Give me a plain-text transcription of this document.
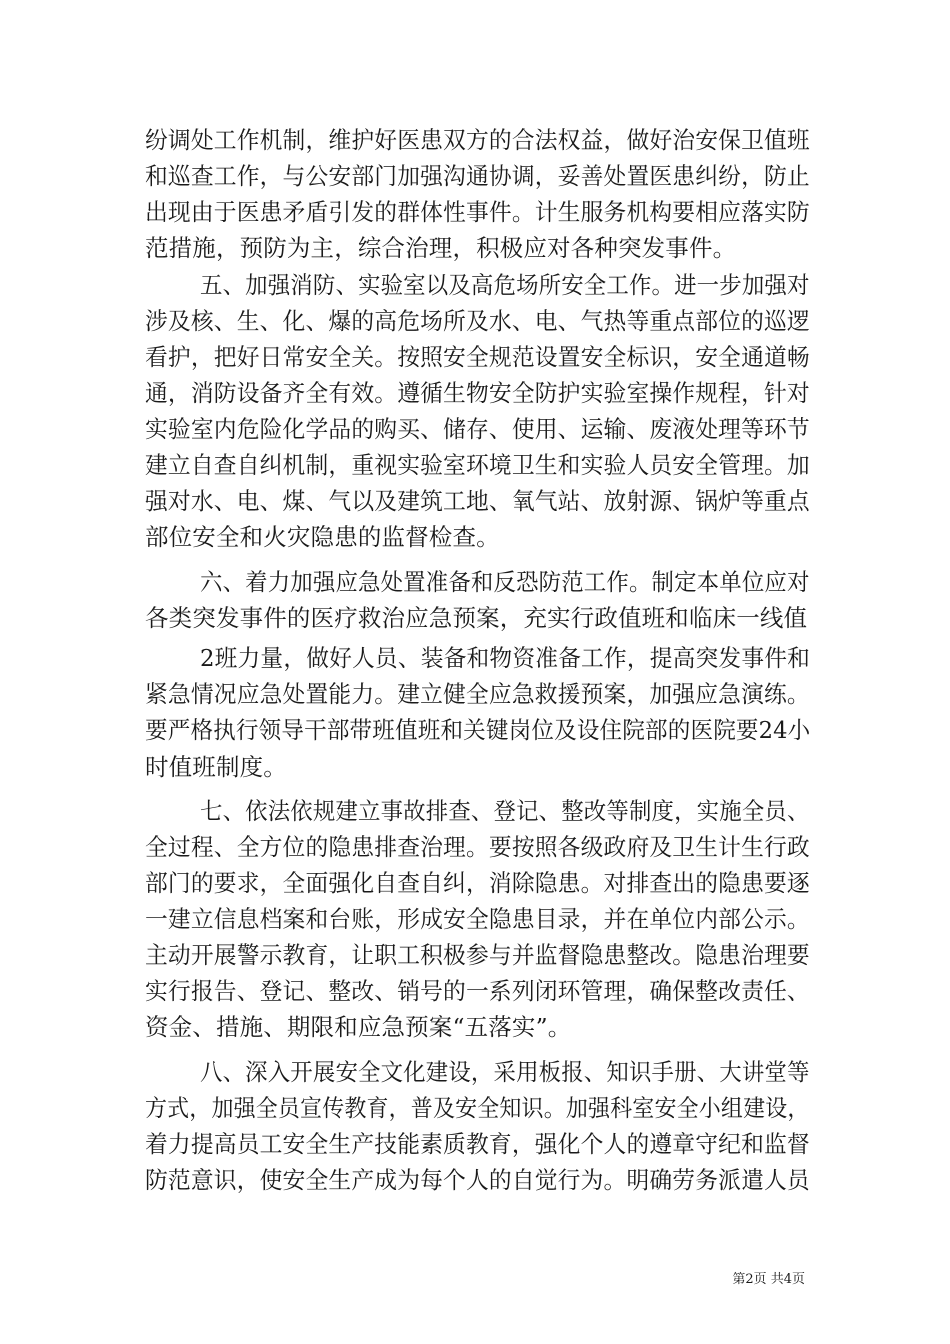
纷调处工作机制，维护好医患双方的合法权益，做好治安保卫值班
和巡查工作，与公安部门加强沟通协调，妥善处置医患纠纷，防止
出现由于医患矛盾引发的群体性事件。计生服务机构要相应落实防
范措施，预防为主，综合治理，积极应对各种突发事件。
五、加强消防、实验室以及高危场所安全工作。进一步加强对
涉及核、生、化、爆的高危场所及水、电、气热等重点部位的巡逻
看护，把好日常安全关。按照安全规范设置安全标识，安全通道畅
通，消防设备齐全有效。遵循生物安全防护实验室操作规程，针对
实验室内危险化学品的购买、储存、使用、运输、废液处理等环节
建立自查自纠机制，重视实验室环境卫生和实验人员安全管理。加
强对水、电、煤、气以及建筑工地、氧气站、放射源、锅炉等重点
部位安全和火灾隐患的监督检查。
六、着力加强应急处置准备和反恐防范工作。制定本单位应对
各类突发事件的医疗救治应急预案，充实行政值班和临床一线值
2班力量，做好人员、装备和物资准备工作，提高突发事件和
紧急情况应急处置能力。建立健全应急救援预案，加强应急演练。
要严格执行领导干部带班值班和关键岗位及设住院部的医院要24小
时值班制度。
七、依法依规建立事故排查、登记、整改等制度，实施全员、
全过程、全方位的隐患排查治理。要按照各级政府及卫生计生行政
部门的要求，全面强化自查自纠，消除隐患。对排查出的隐患要逐
一建立信息档案和台账，形成安全隐患目录，并在单位内部公示。
主动开展警示教育，让职工积极参与并监督隐患整改。隐患治理要
实行报告、登记、整改、销号的一系列闭环管理，确保整改责任、
资金、措施、期限和应急预案“五落实”。
八、深入开展安全文化建设，采用板报、知识手册、大讲堂等
方式，加强全员宣传教育，普及安全知识。加强科室安全小组建设，
着力提高员工安全生产技能素质教育，强化个人的遵章守纪和监督
防范意识，使安全生产成为每个人的自觉行为。明确劳务派遣人员
第2页 共4页
